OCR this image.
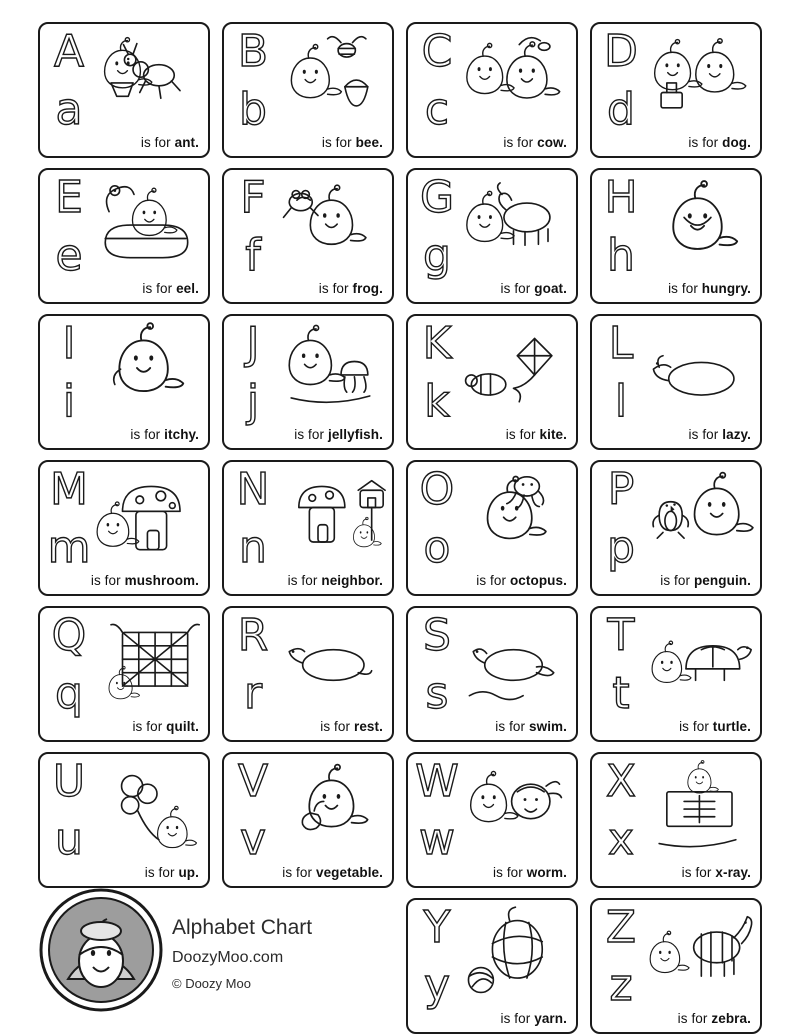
A
a
is for ant.
B
b
is for bee.
C
c
is for cow.
D
d
is for dog.
E
e
is for eel.
F
f
is for frog.
G
g
is for goat.
H
h
is for hungry.
I
i
is for itchy.
J
j
is for jellyfish.
K
k
is for kite.
L
l
is for lazy.
M
m
is for mushroom.
N
n
is for neighbor.
O
o
is for octopus.
P
p
is for penguin.
Q
q
is for quilt.
R
r
is for rest.
S
s
is for swim.
T
t
is for turtle.
U
u
is for up.
V
v
is for vegetable.
W
w
is for worm.
X
x
is for x-ray.
Y
y
is for yarn.
Z
z
is for zebra.
Alphabet Chart
DoozyMoo.com
© Doozy Moo
